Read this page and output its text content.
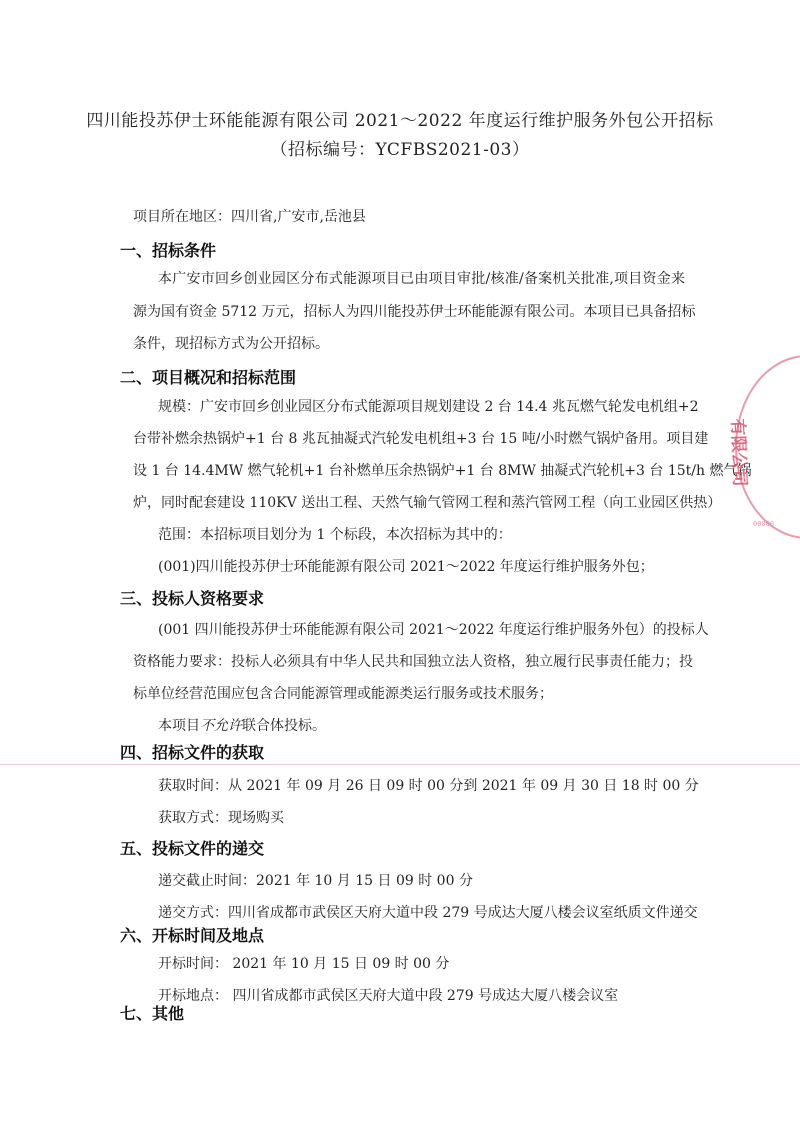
四川能投苏伊士环能能源有限公司 2021～2022 年度运行维护服务外包公开招标
（招标编号：YCFBS2021-03）
项目所在地区：四川省,广安市,岳池县
一、招标条件
本广安市回乡创业园区分布式能源项目已由项目审批/核准/备案机关批准,项目资金来
源为国有资金 5712 万元，招标人为四川能投苏伊士环能能源有限公司。本项目已具备招标
条件，现招标方式为公开招标。
二、项目概况和招标范围
规模：广安市回乡创业园区分布式能源项目规划建设 2 台 14.4 兆瓦燃气轮发电机组+2
台带补燃余热锅炉+1 台 8 兆瓦抽凝式汽轮发电机组+3 台 15 吨/小时燃气锅炉备用。项目建
设 1 台 14.4MW 燃气轮机+1 台补燃单压余热锅炉+1 台 8MW 抽凝式汽轮机+3 台 15t/h 燃气锅
炉，同时配套建设 110KV 送出工程、天然气输气管网工程和蒸汽管网工程（向工业园区供热）
范围：本招标项目划分为 1 个标段，本次招标为其中的：
(001)四川能投苏伊士环能能源有限公司 2021～2022 年度运行维护服务外包；
三、投标人资格要求
(001 四川能投苏伊士环能能源有限公司 2021～2022 年度运行维护服务外包）的投标人
资格能力要求：投标人必须具有中华人民共和国独立法人资格，独立履行民事责任能力；投
标单位经营范围应包含合同能源管理或能源类运行服务或技术服务；
本项目不允许联合体投标。
四、招标文件的获取
获取时间：从 2021 年 09 月 26 日 09 时 00 分到 2021 年 09 月 30 日 18 时 00 分
获取方式：现场购买
五、投标文件的递交
递交截止时间：2021 年 10 月 15 日 09 时 00 分
递交方式：四川省成都市武侯区天府大道中段 279 号成达大厦八楼会议室纸质文件递交
六、开标时间及地点
开标时间： 2021 年 10 月 15 日 09 时 00 分
开标地点： 四川省成都市武侯区天府大道中段 279 号成达大厦八楼会议室
七、其他
有限公司
00000
